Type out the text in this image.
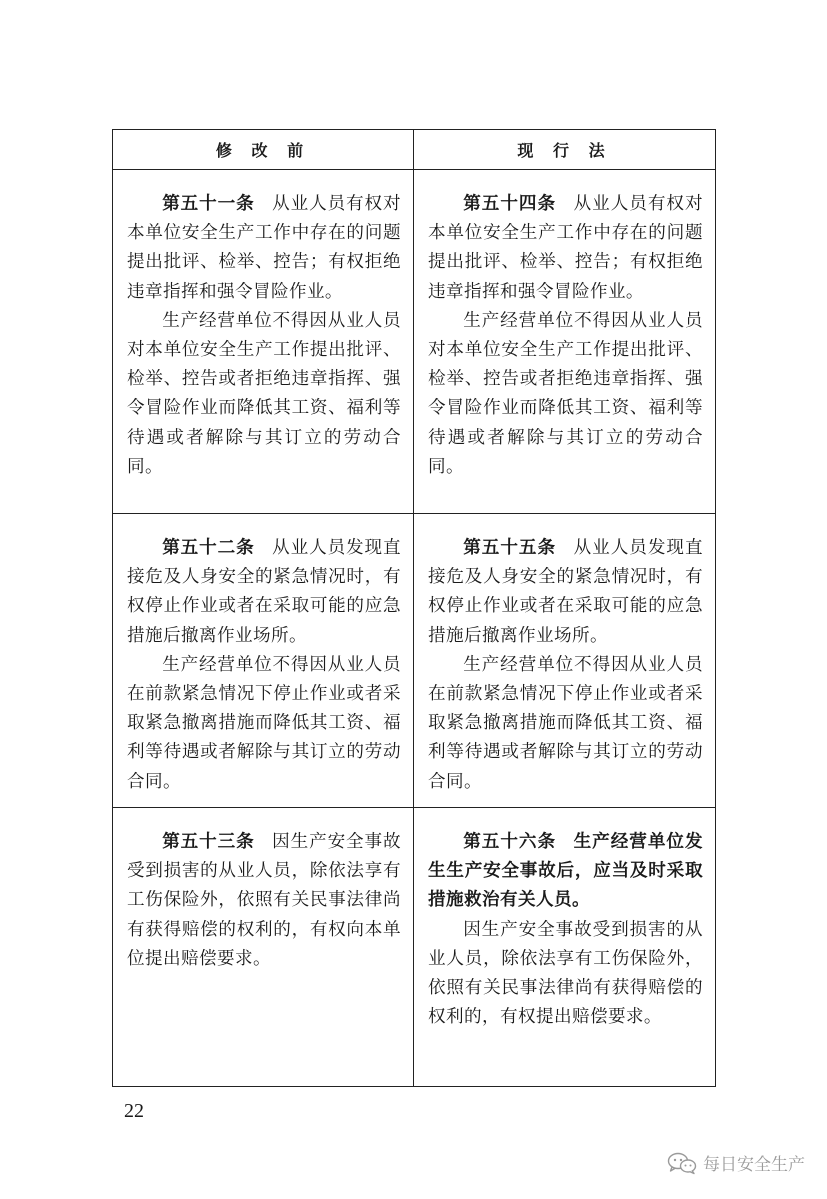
修 改 前	现 行 法

第五十一条 从业人员有权对本单位安全生产工作中存在的问题提出批评、检举、控告；有权拒绝违章指挥和强令冒险作业。

生产经营单位不得因从业人员对本单位安全生产工作提出批评、检举、控告或者拒绝违章指挥、强令冒险作业而降低其工资、福利等待遇或者解除与其订立的劳动合同。

第五十四条 从业人员有权对本单位安全生产工作中存在的问题提出批评、检举、控告；有权拒绝违章指挥和强令冒险作业。

生产经营单位不得因从业人员对本单位安全生产工作提出批评、检举、控告或者拒绝违章指挥、强令冒险作业而降低其工资、福利等待遇或者解除与其订立的劳动合同。

第五十二条 从业人员发现直接危及人身安全的紧急情况时，有权停止作业或者在采取可能的应急措施后撤离作业场所。

生产经营单位不得因从业人员在前款紧急情况下停止作业或者采取紧急撤离措施而降低其工资、福利等待遇或者解除与其订立的劳动合同。

第五十五条 从业人员发现直接危及人身安全的紧急情况时，有权停止作业或者在采取可能的应急措施后撤离作业场所。

生产经营单位不得因从业人员在前款紧急情况下停止作业或者采取紧急撤离措施而降低其工资、福利等待遇或者解除与其订立的劳动合同。

第五十三条 因生产安全事故受到损害的从业人员，除依法享有工伤保险外，依照有关民事法律尚有获得赔偿的权利的，有权向本单位提出赔偿要求。

第五十六条 生产经营单位发生生产安全事故后，应当及时采取措施救治有关人员。

因生产安全事故受到损害的从业人员，除依法享有工伤保险外，依照有关民事法律尚有获得赔偿的权利的，有权提出赔偿要求。

22
每日安全生产
